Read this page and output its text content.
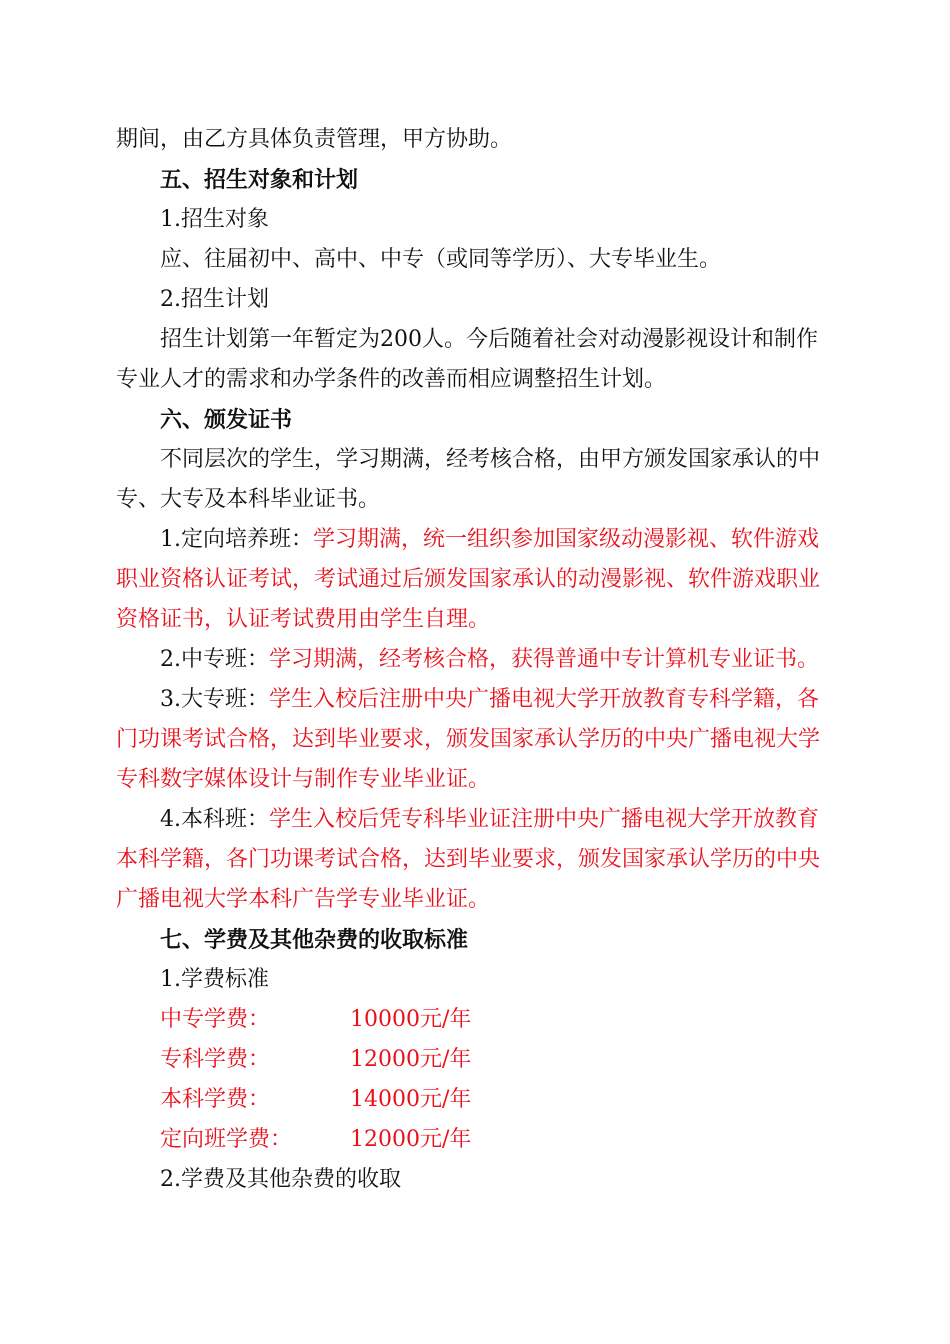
期间，由乙方具体负责管理，甲方协助。
五、招生对象和计划
1.招生对象
应、往届初中、高中、中专（或同等学历）、大专毕业生。
2.招生计划
招生计划第一年暂定为200人。今后随着社会对动漫影视设计和制作
专业人才的需求和办学条件的改善而相应调整招生计划。
六、颁发证书
不同层次的学生，学习期满，经考核合格，由甲方颁发国家承认的中
专、大专及本科毕业证书。
1.定向培养班：学习期满，统一组织参加国家级动漫影视、软件游戏
职业资格认证考试，考试通过后颁发国家承认的动漫影视、软件游戏职业
资格证书，认证考试费用由学生自理。
2.中专班：学习期满，经考核合格，获得普通中专计算机专业证书。
3.大专班：学生入校后注册中央广播电视大学开放教育专科学籍，各
门功课考试合格，达到毕业要求，颁发国家承认学历的中央广播电视大学
专科数字媒体设计与制作专业毕业证。
4.本科班：学生入校后凭专科毕业证注册中央广播电视大学开放教育
本科学籍，各门功课考试合格，达到毕业要求，颁发国家承认学历的中央
广播电视大学本科广告学专业毕业证。
七、学费及其他杂费的收取标准
1.学费标准
中专学费：	10000元/年
专科学费：	12000元/年
本科学费：	14000元/年
定向班学费：	12000元/年
2.学费及其他杂费的收取
